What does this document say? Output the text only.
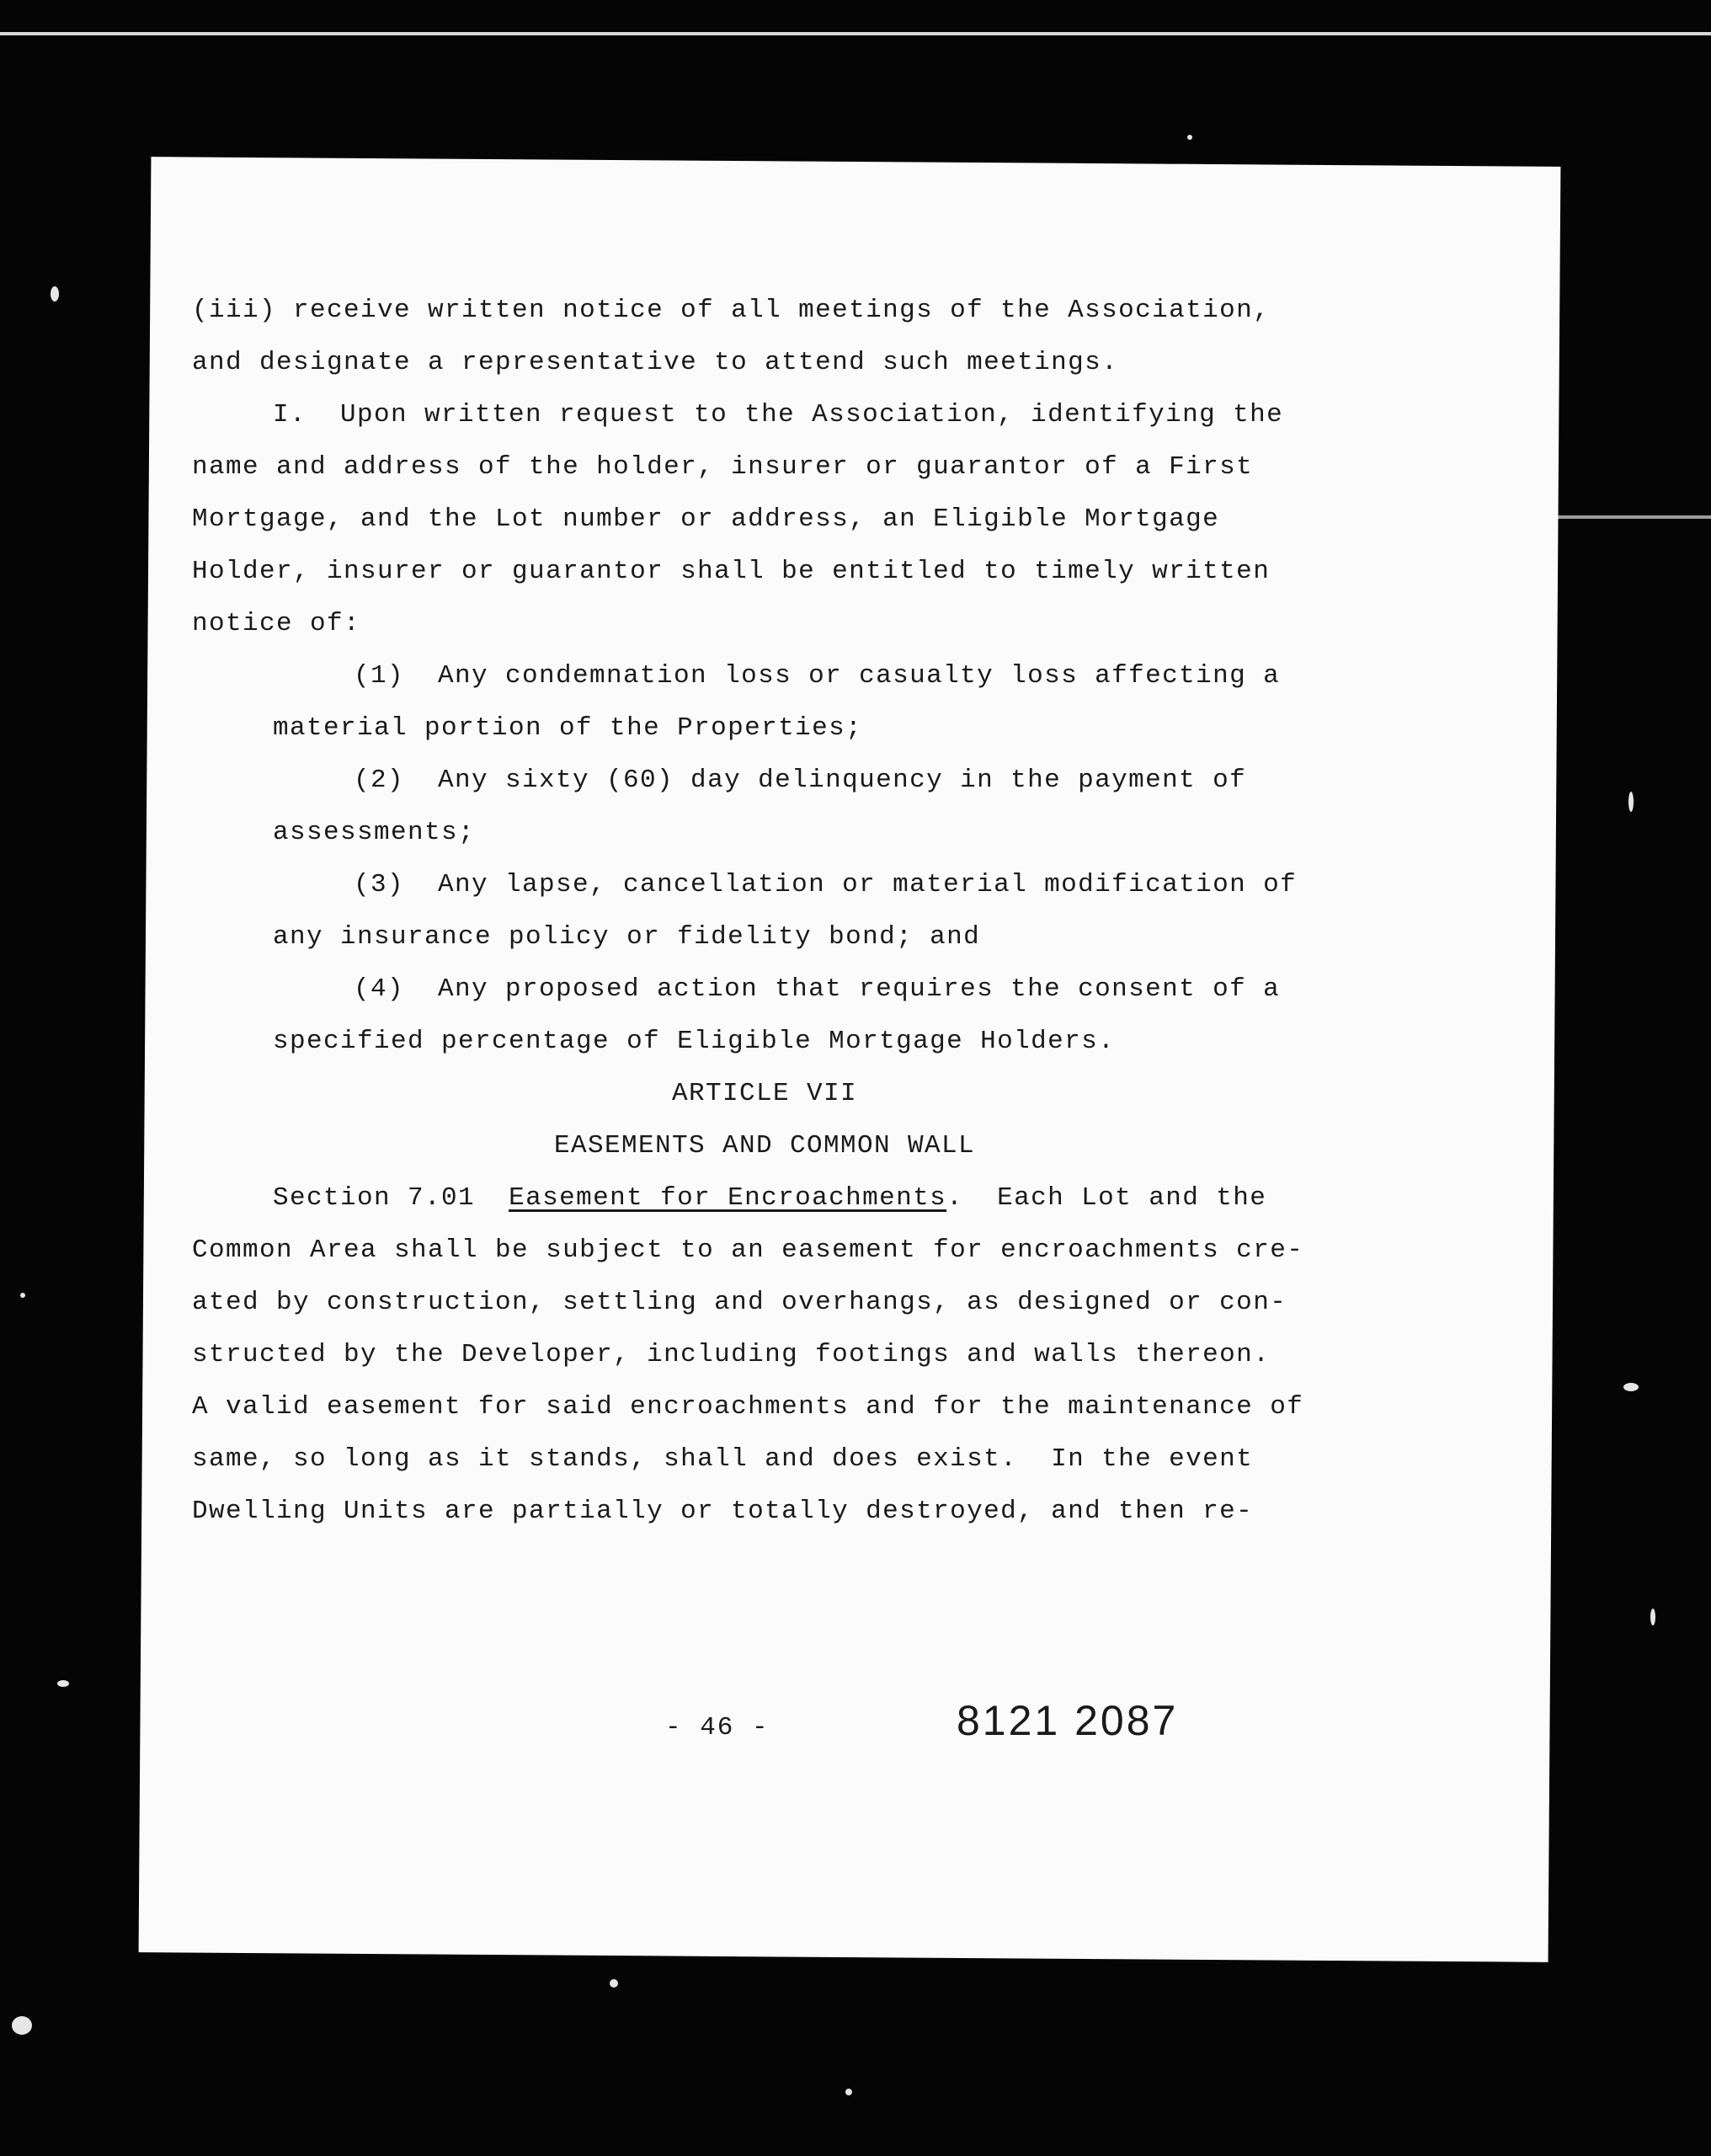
(iii) receive written notice of all meetings of the Association,
and designate a representative to attend such meetings.
I.  Upon written request to the Association, identifying the
name and address of the holder, insurer or guarantor of a First
Mortgage, and the Lot number or address, an Eligible Mortgage
Holder, insurer or guarantor shall be entitled to timely written
notice of:
(1)  Any condemnation loss or casualty loss affecting a
material portion of the Properties;
(2)  Any sixty (60) day delinquency in the payment of
assessments;
(3)  Any lapse, cancellation or material modification of
any insurance policy or fidelity bond; and
(4)  Any proposed action that requires the consent of a
specified percentage of Eligible Mortgage Holders.
ARTICLE VII
EASEMENTS AND COMMON WALL
Section 7.01 Easement for Encroachments.  Each Lot and the
Common Area shall be subject to an easement for encroachments cre-
ated by construction, settling and overhangs, as designed or con-
structed by the Developer, including footings and walls thereon.
A valid easement for said encroachments and for the maintenance of
same, so long as it stands, shall and does exist.  In the event
Dwelling Units are partially or totally destroyed, and then re-
- 46 -	8121 2087
